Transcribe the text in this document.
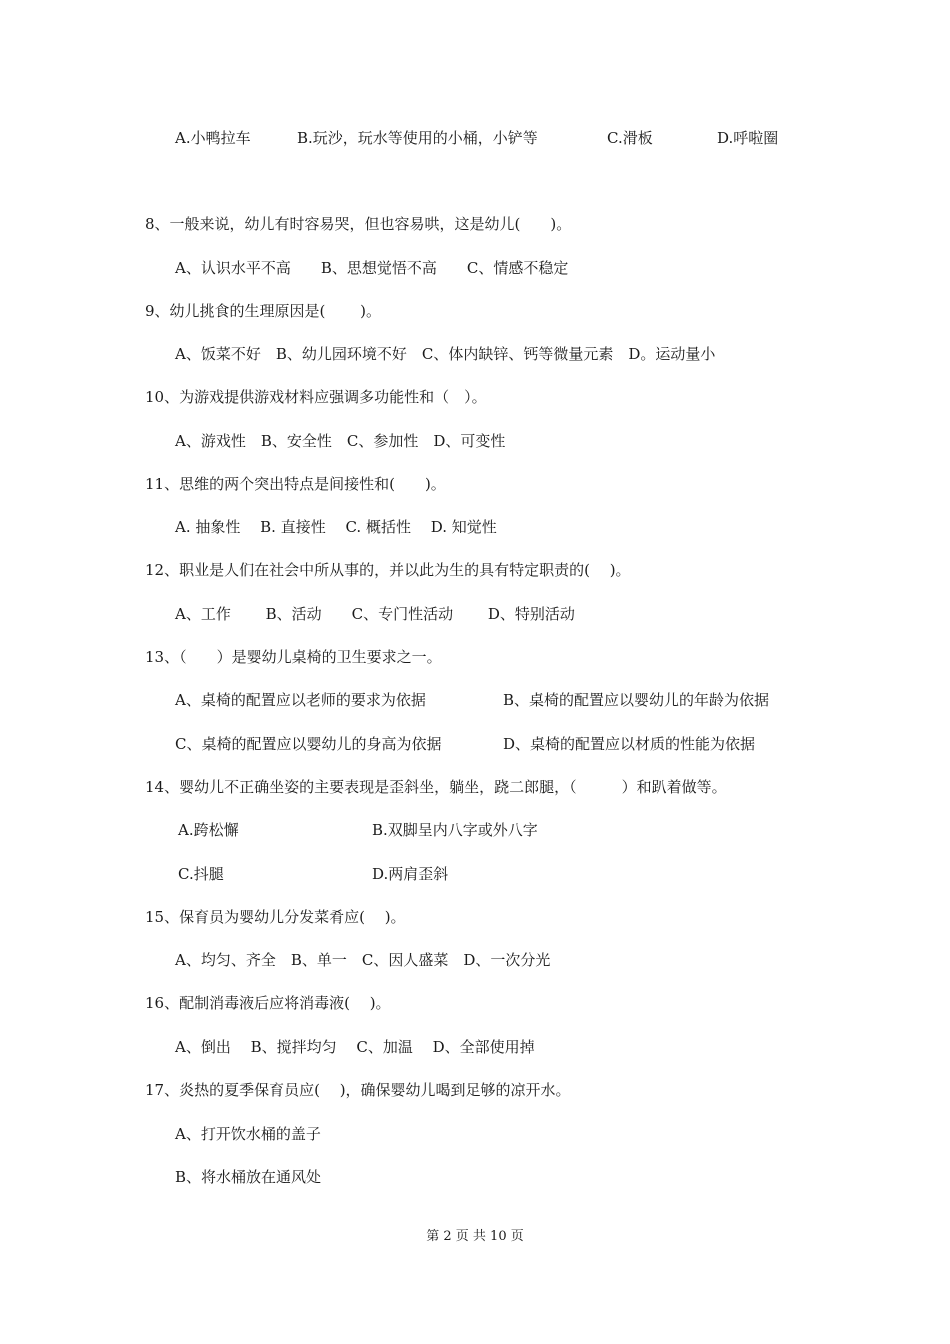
A.小鸭拉车	B.玩沙，玩水等使用的小桶，小铲等	C.滑板	D.呼啦圈
8、一般来说，幼儿有时容易哭，但也容易哄，这是幼儿(　　)。
A、认识水平不高　　B、思想觉悟不高　　C、情感不稳定
9、幼儿挑食的生理原因是(　　 )。
A、饭菜不好　B、幼儿园环境不好　C、体内缺锌、钙等微量元素　D。运动量小
10、为游戏提供游戏材料应强调多功能性和（　）。
A、游戏性　B、安全性　C、参加性　D、可变性
11、思维的两个突出特点是间接性和(　　)。
A. 抽象性　 B. 直接性　 C. 概括性　 D. 知觉性
12、职业是人们在社会中所从事的，并以此为生的具有特定职责的(　 )。
A、工作　　 B、活动　　C、专门性活动　　 D、特别活动
13、（　　）是婴幼儿桌椅的卫生要求之一。
A、桌椅的配置应以老师的要求为依据	B、桌椅的配置应以婴幼儿的年龄为依据
C、桌椅的配置应以婴幼儿的身高为依据	D、桌椅的配置应以材质的性能为依据
14、婴幼儿不正确坐姿的主要表现是歪斜坐，躺坐，跷二郎腿，（　　　）和趴着做等。
A.跨松懈	B.双脚呈内八字或外八字
C.抖腿	D.两肩歪斜
15、保育员为婴幼儿分发菜肴应(　 )。
A、均匀、齐全　B、单一　C、因人盛菜　D、一次分光
16、配制消毒液后应将消毒液(　 )。
A、倒出　 B、搅拌均匀　 C、加温　 D、全部使用掉
17、炎热的夏季保育员应(　 )，确保婴幼儿喝到足够的凉开水。
A、打开饮水桶的盖子
B、将水桶放在通风处
第 2 页 共 10 页
